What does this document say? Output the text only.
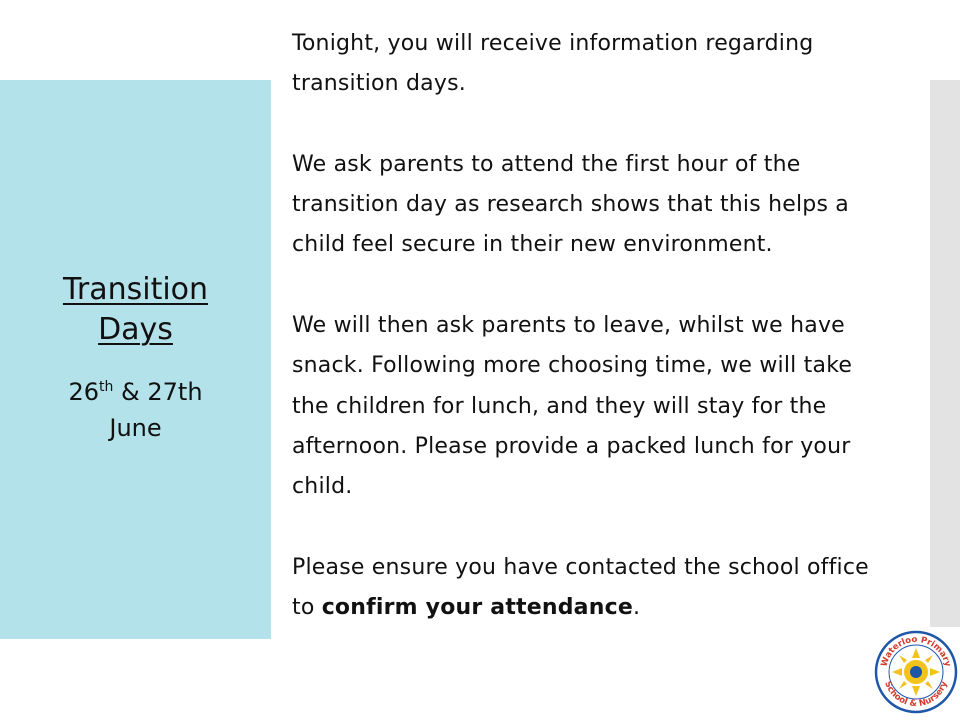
Transition
Days
26th & 27th
June

Tonight, you will receive information regarding

transition days.

We ask parents to attend the first hour of the

transition day as research shows that this helps a

child feel secure in their new environment.

We will then ask parents to leave, whilst we have

snack. Following more choosing time, we will take

the children for lunch, and they will stay for the

afternoon. Please provide a packed lunch for your

child.

Please ensure you have contacted the school office

to confirm your attendance.

Waterloo Primary
School & Nursery
